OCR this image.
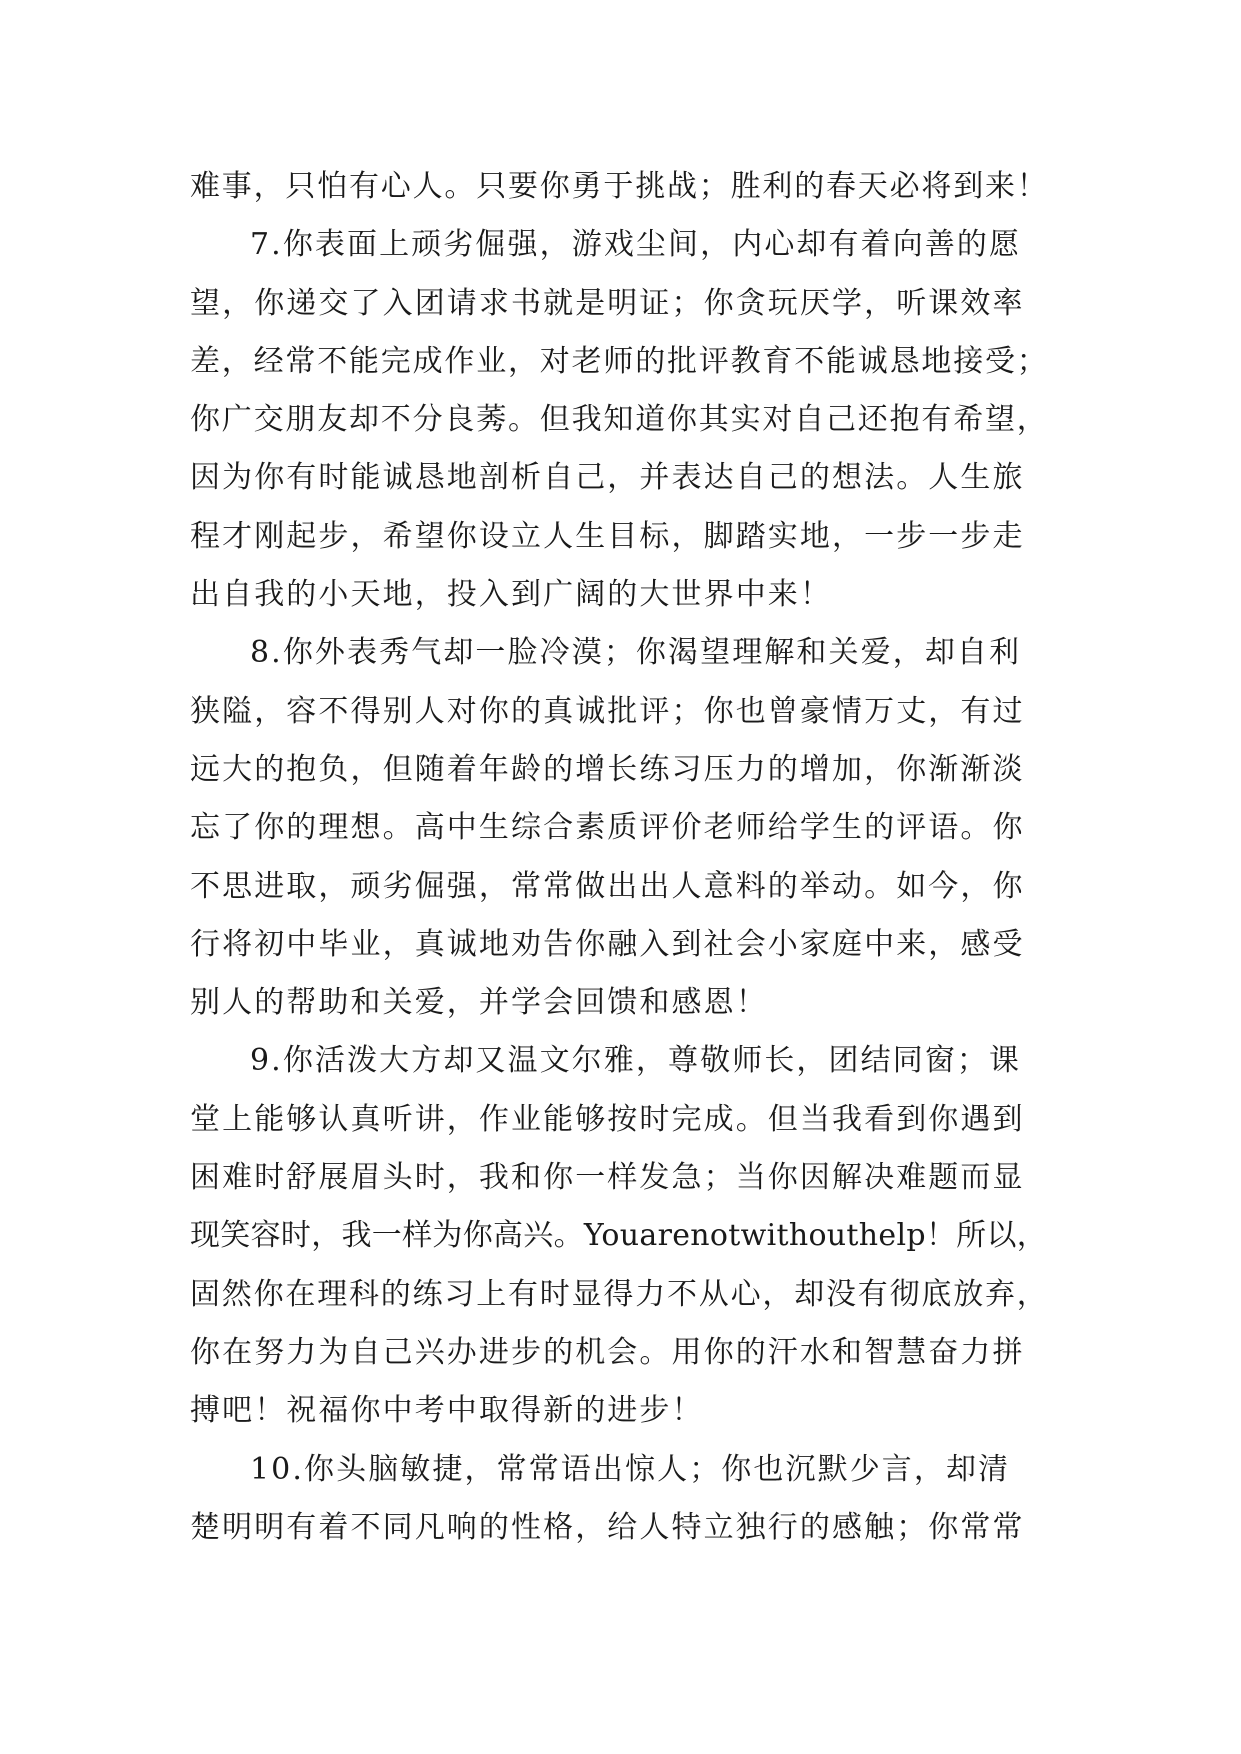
难事，只怕有心人。只要你勇于挑战；胜利的春天必将到来！
7.你表面上顽劣倔强，游戏尘间，内心却有着向善的愿
望，你递交了入团请求书就是明证；你贪玩厌学，听课效率
差，经常不能完成作业，对老师的批评教育不能诚恳地接受；
你广交朋友却不分良莠。但我知道你其实对自己还抱有希望，
因为你有时能诚恳地剖析自己，并表达自己的想法。人生旅
程才刚起步，希望你设立人生目标，脚踏实地，一步一步走
出自我的小天地，投入到广阔的大世界中来！
8.你外表秀气却一脸冷漠；你渴望理解和关爱，却自利
狭隘，容不得别人对你的真诚批评；你也曾豪情万丈，有过
远大的抱负，但随着年龄的增长练习压力的增加，你渐渐淡
忘了你的理想。高中生综合素质评价老师给学生的评语。你
不思进取，顽劣倔强，常常做出出人意料的举动。如今，你
行将初中毕业，真诚地劝告你融入到社会小家庭中来，感受
别人的帮助和关爱，并学会回馈和感恩！
9.你活泼大方却又温文尔雅，尊敬师长，团结同窗；课
堂上能够认真听讲，作业能够按时完成。但当我看到你遇到
困难时舒展眉头时，我和你一样发急；当你因解决难题而显
现笑容时，我一样为你高兴。Youarenotwithouthelp！所以，
固然你在理科的练习上有时显得力不从心，却没有彻底放弃，
你在努力为自己兴办进步的机会。用你的汗水和智慧奋力拼
搏吧！祝福你中考中取得新的进步！
10.你头脑敏捷，常常语出惊人；你也沉默少言，却清
楚明明有着不同凡响的性格，给人特立独行的感触；你常常
